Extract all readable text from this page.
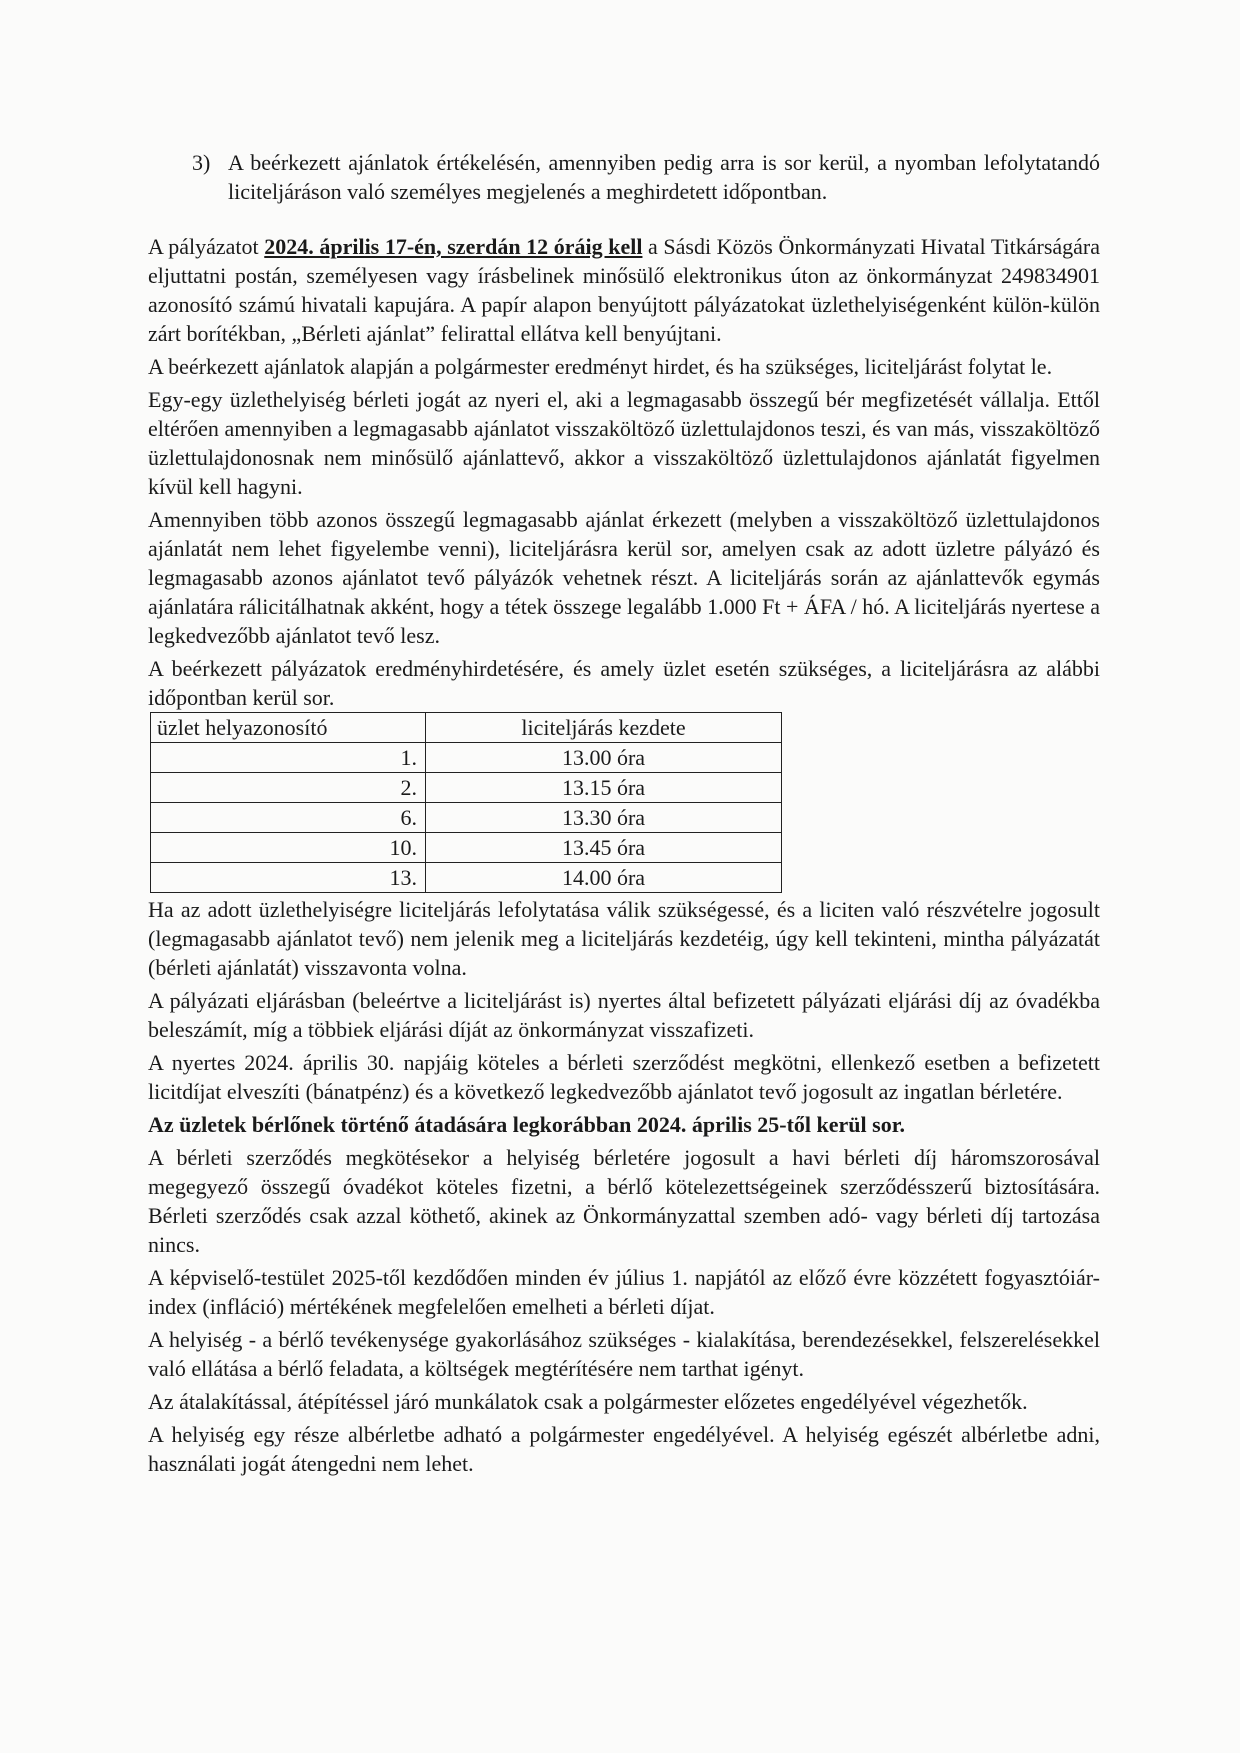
3) A beérkezett ajánlatok értékelésén, amennyiben pedig arra is sor kerül, a nyomban lefolytatandó liciteljáráson való személyes megjelenés a meghirdetett időpontban.

A pályázatot 2024. április 17-én, szerdán 12 óráig kell a Sásdi Közös Önkormányzati Hivatal Titkárságára eljuttatni postán, személyesen vagy írásbelinek minősülő elektronikus úton az önkormányzat 249834901 azonosító számú hivatali kapujára. A papír alapon benyújtott pályázatokat üzlethelyiségenként külön-külön zárt borítékban, „Bérleti ajánlat” felirattal ellátva kell benyújtani.

A beérkezett ajánlatok alapján a polgármester eredményt hirdet, és ha szükséges, liciteljárást folytat le.

Egy-egy üzlethelyiség bérleti jogát az nyeri el, aki a legmagasabb összegű bér megfizetését vállalja. Ettől eltérően amennyiben a legmagasabb ajánlatot visszaköltöző üzlettulajdonos teszi, és van más, visszaköltöző üzlettulajdonosnak nem minősülő ajánlattevő, akkor a visszaköltöző üzlettulajdonos ajánlatát figyelmen kívül kell hagyni.

Amennyiben több azonos összegű legmagasabb ajánlat érkezett (melyben a visszaköltöző üzlettulajdonos ajánlatát nem lehet figyelembe venni), liciteljárásra kerül sor, amelyen csak az adott üzletre pályázó és legmagasabb azonos ajánlatot tevő pályázók vehetnek részt. A liciteljárás során az ajánlattevők egymás ajánlatára rálicitálhatnak akként, hogy a tétek összege legalább 1.000 Ft + ÁFA / hó. A liciteljárás nyertese a legkedvezőbb ajánlatot tevő lesz.

A beérkezett pályázatok eredményhirdetésére, és amely üzlet esetén szükséges, a liciteljárásra az alábbi időpontban kerül sor.

üzlet helyazonosító	liciteljárás kezdete
1.	13.00 óra
2.	13.15 óra
6.	13.30 óra
10.	13.45 óra
13.	14.00 óra

Ha az adott üzlethelyiségre liciteljárás lefolytatása válik szükségessé, és a liciten való részvételre jogosult (legmagasabb ajánlatot tevő) nem jelenik meg a liciteljárás kezdetéig, úgy kell tekinteni, mintha pályázatát (bérleti ajánlatát) visszavonta volna.

A pályázati eljárásban (beleértve a liciteljárást is) nyertes által befizetett pályázati eljárási díj az óvadékba beleszámít, míg a többiek eljárási díját az önkormányzat visszafizeti.

A nyertes 2024. április 30. napjáig köteles a bérleti szerződést megkötni, ellenkező esetben a befizetett licitdíjat elveszíti (bánatpénz) és a következő legkedvezőbb ajánlatot tevő jogosult az ingatlan bérletére.

Az üzletek bérlőnek történő átadására legkorábban 2024. április 25-től kerül sor.

A bérleti szerződés megkötésekor a helyiség bérletére jogosult a havi bérleti díj háromszorosával megegyező összegű óvadékot köteles fizetni, a bérlő kötelezettségeinek szerződésszerű biztosítására. Bérleti szerződés csak azzal köthető, akinek az Önkormányzattal szemben adó- vagy bérleti díj tartozása nincs.

A képviselő-testület 2025-től kezdődően minden év július 1. napjától az előző évre közzétett fogyasztóiár-index (infláció) mértékének megfelelően emelheti a bérleti díjat.

A helyiség - a bérlő tevékenysége gyakorlásához szükséges - kialakítása, berendezésekkel, felszerelésekkel való ellátása a bérlő feladata, a költségek megtérítésére nem tarthat igényt.

Az átalakítással, átépítéssel járó munkálatok csak a polgármester előzetes engedélyével végezhetők.

A helyiség egy része albérletbe adható a polgármester engedélyével. A helyiség egészét albérletbe adni, használati jogát átengedni nem lehet.
